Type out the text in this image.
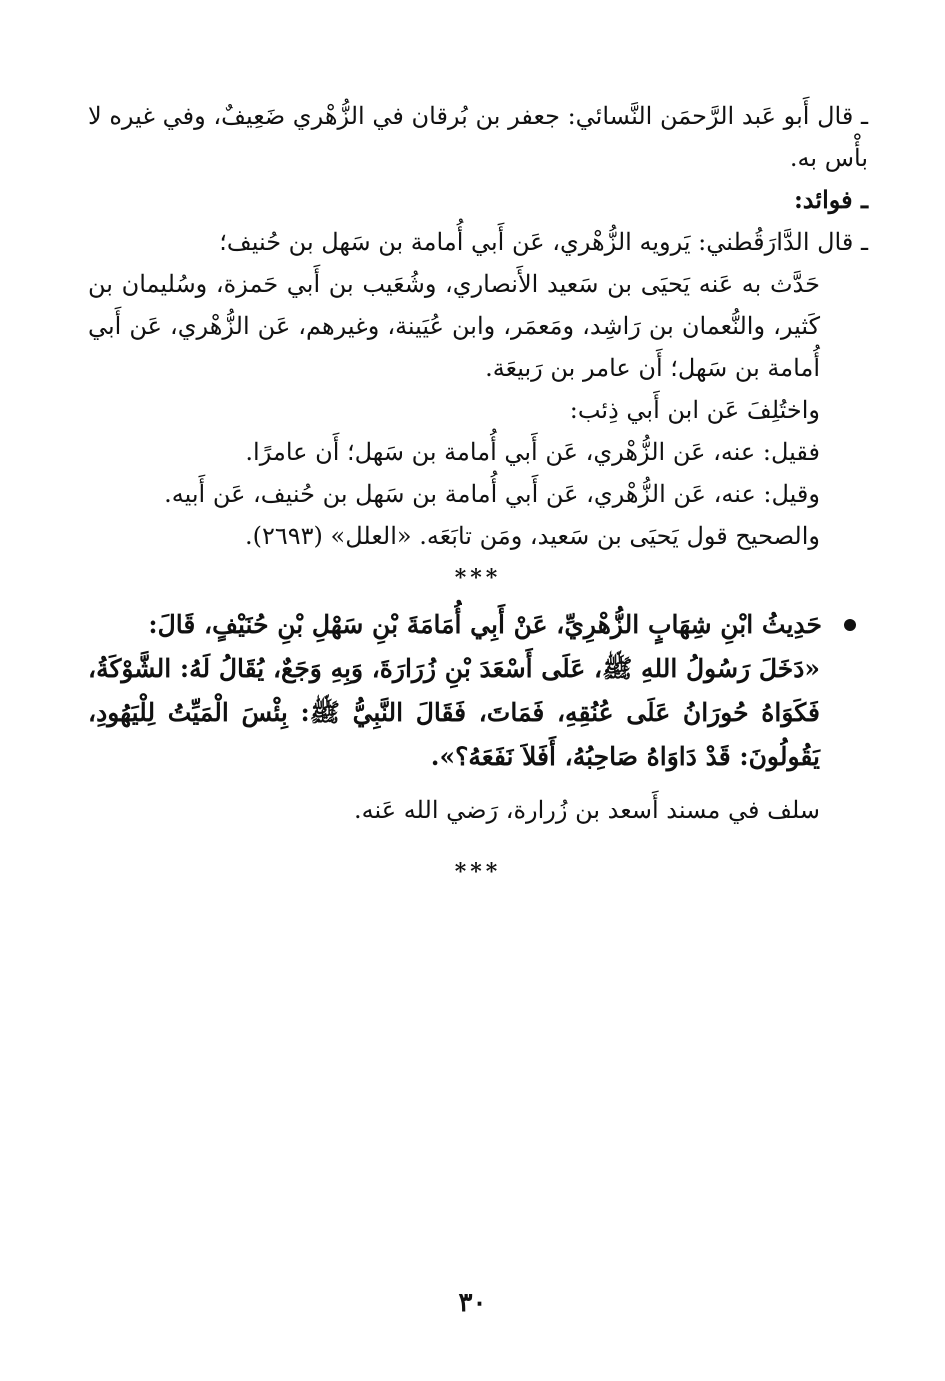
ـ قال أَبو عَبد الرَّحمَن النَّسائي: جعفر بن بُرقان في الزُّهْري ضَعِيفٌ، وفي غيره لا بأْس به.

ـ فوائد:

ـ قال الدَّارَقُطني: يَرويه الزُّهْري، عَن أَبي أُمامة بن سَهل بن حُنيف؛

حَدَّث به عَنه يَحيَى بن سَعيد الأَنصاري، وشُعَيب بن أَبي حَمزة، وسُليمان بن كَثير، والنُّعمان بن رَاشِد، ومَعمَر، وابن عُيَينة، وغيرهم، عَن الزُّهْري، عَن أَبي أُمامة بن سَهل؛ أَن عامر بن رَبيعَة.

واختُلِفَ عَن ابن أَبي ذِئب:

فقيل: عنه، عَن الزُّهْري، عَن أَبي أُمامة بن سَهل؛ أَن عامرًا.

وقيل: عنه، عَن الزُّهْري، عَن أَبي أُمامة بن سَهل بن حُنيف، عَن أَبيه.

والصحيح قول يَحيَى بن سَعيد، ومَن تابَعَه. «العلل» (٢٦٩٣).

***
حَدِيثُ ابْنِ شِهَابٍ الزُّهْرِيِّ، عَنْ أَبِي أُمَامَةَ بْنِ سَهْلِ بْنِ حُنَيْفٍ، قَالَ:

«دَخَلَ رَسُولُ اللهِ ﷺ، عَلَى أَسْعَدَ بْنِ زُرَارَةَ، وَبِهِ وَجَعٌ، يُقَالُ لَهُ: الشَّوْكَةُ، فَكَوَاهُ حُورَانُ عَلَى عُنُقِهِ، فَمَاتَ، فَقَالَ النَّبِيُّ ﷺ: بِئْسَ الْمَيِّتُ لِلْيَهُودِ، يَقُولُونَ: قَدْ دَاوَاهُ صَاحِبُهُ، أَفَلاَ نَفَعَهُ؟».

سلف في مسند أَسعد بن زُرارة، رَضي الله عَنه.

***
٣٠
